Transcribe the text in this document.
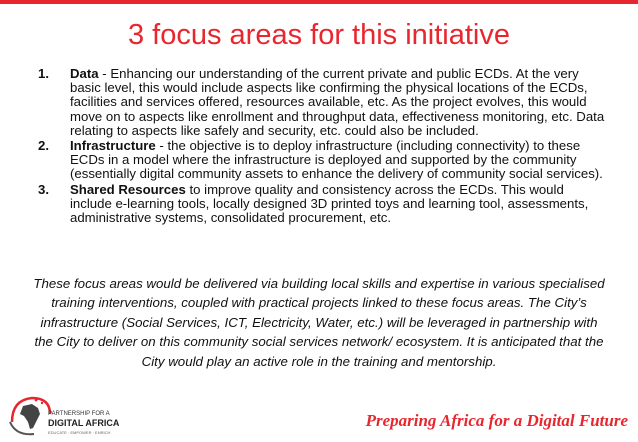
3 focus areas for this initiative
1. Data - Enhancing our understanding of the current private and public ECDs. At the very basic level, this would include aspects like confirming the physical locations of the ECDs, facilities and services offered, resources available, etc. As the project evolves, this would move on to aspects like enrollment and throughput data, effectiveness monitoring, etc. Data relating to aspects like safely and security, etc. could also be included.
2. Infrastructure - the objective is to deploy infrastructure (including connectivity) to these ECDs in a model where the infrastructure is deployed and supported by the community (essentially digital community assets to enhance the delivery of community social services).
3. Shared Resources to improve quality and consistency across the ECDs. This would include e-learning tools, locally designed 3D printed toys and learning tool, assessments, administrative systems, consolidated procurement, etc.
These focus areas would be delivered via building local skills and expertise in various specialised training interventions, coupled with practical projects linked to these focus areas. The City’s infrastructure (Social Services, ICT, Electricity, Water, etc.) will be leveraged in partnership with the City to deliver on this community social services network/ ecosystem. It is anticipated that the City would play an active role in the training and mentorship.
PARTNERSHIP FOR A
DIGITAL AFRICA
EDUCATE · EMPOWER · ENRICH
Preparing Africa for a Digital Future
